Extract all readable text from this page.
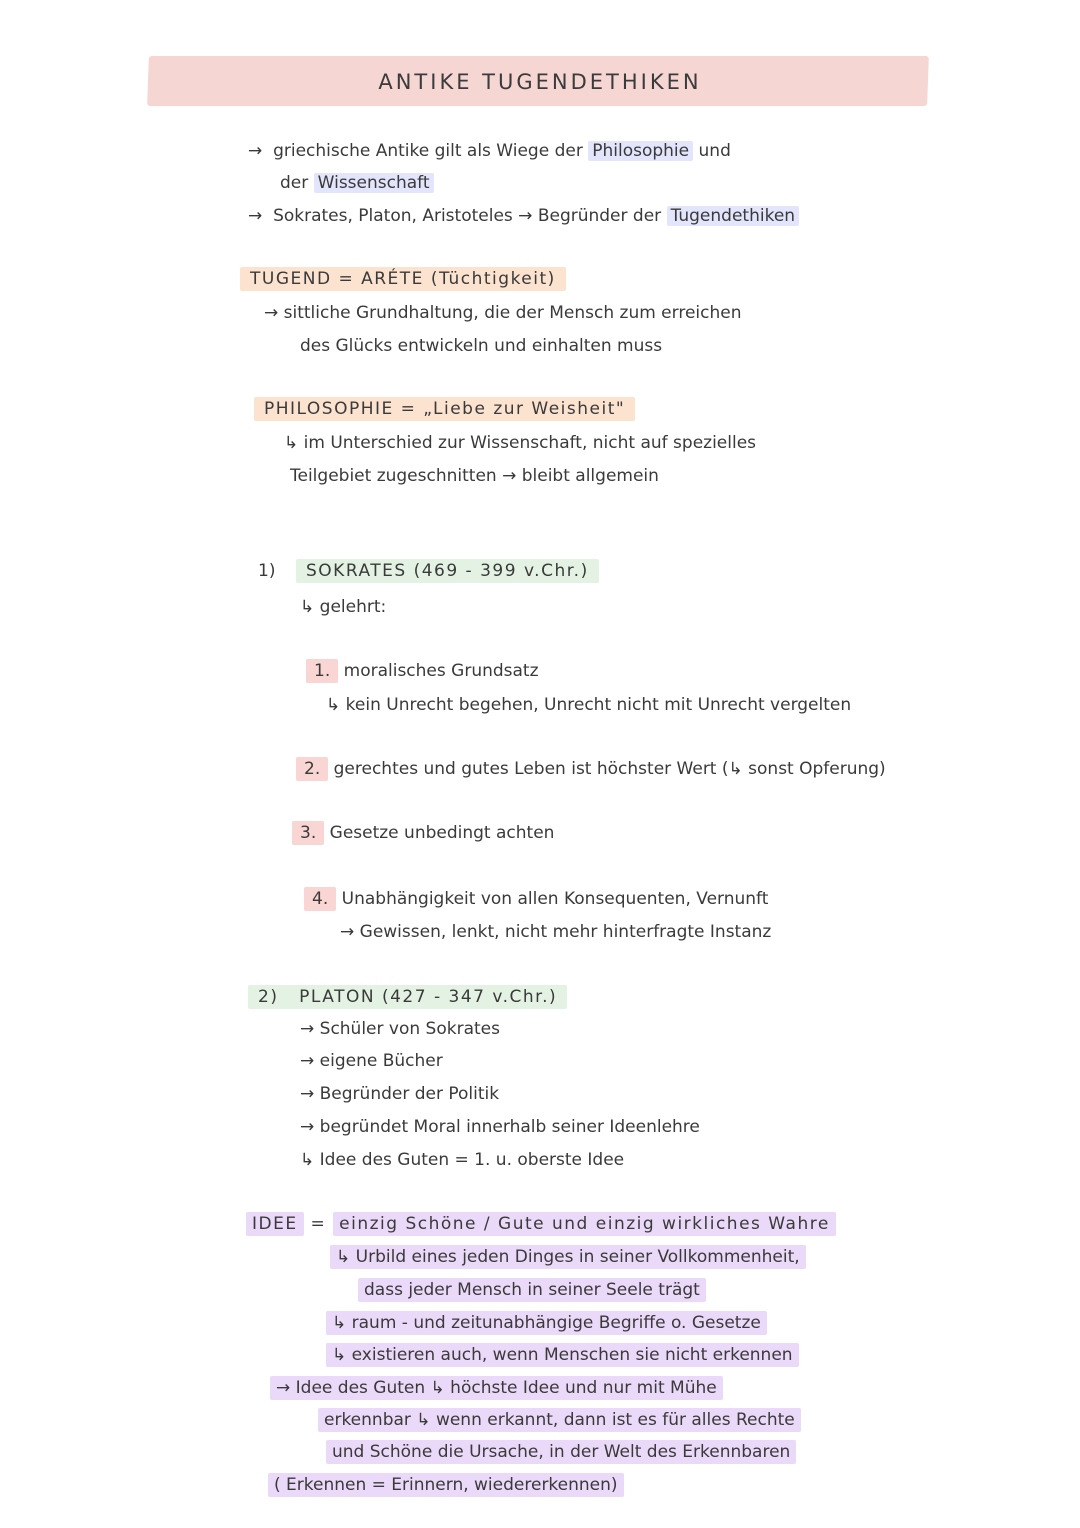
ANTIKE TUGENDETHIKEN
→ griechische Antike gilt als Wiege der Philosophie und
der Wissenschaft
→ Sokrates, Platon, Aristoteles → Begründer der Tugendethiken
TUGEND = ARÉTE (Tüchtigkeit)
→ sittliche Grundhaltung, die der Mensch zum erreichen
des Glücks entwickeln und einhalten muss
PHILOSOPHIE = „Liebe zur Weisheit"
↳ im Unterschied zur Wissenschaft, nicht auf spezielles
Teilgebiet zugeschnitten → bleibt allgemein
1)	SOKRATES (469 - 399 v.Chr.)
↳ gelehrt:
1. moralisches Grundsatz
↳ kein Unrecht begehen, Unrecht nicht mit Unrecht vergelten
2. gerechtes und gutes Leben ist höchster Wert (↳ sonst Opferung)
3. Gesetze unbedingt achten
4. Unabhängigkeit von allen Konsequenten, Vernunft
→ Gewissen, lenkt, nicht mehr hinterfragte Instanz
2) PLATON (427 - 347 v.Chr.)
→ Schüler von Sokrates
→ eigene Bücher
→ Begründer der Politik
→ begründet Moral innerhalb seiner Ideenlehre
↳ Idee des Guten = 1. u. oberste Idee
IDEE = einzig Schöne / Gute und einzig wirkliches Wahre
↳ Urbild eines jeden Dinges in seiner Vollkommenheit,
dass jeder Mensch in seiner Seele trägt
↳ raum - und zeitunabhängige Begriffe o. Gesetze
↳ existieren auch, wenn Menschen sie nicht erkennen
→ Idee des Guten ↳ höchste Idee und nur mit Mühe
erkennbar ↳ wenn erkannt, dann ist es für alles Rechte
und Schöne die Ursache, in der Welt des Erkennbaren
( Erkennen = Erinnern, wiedererkennen)
